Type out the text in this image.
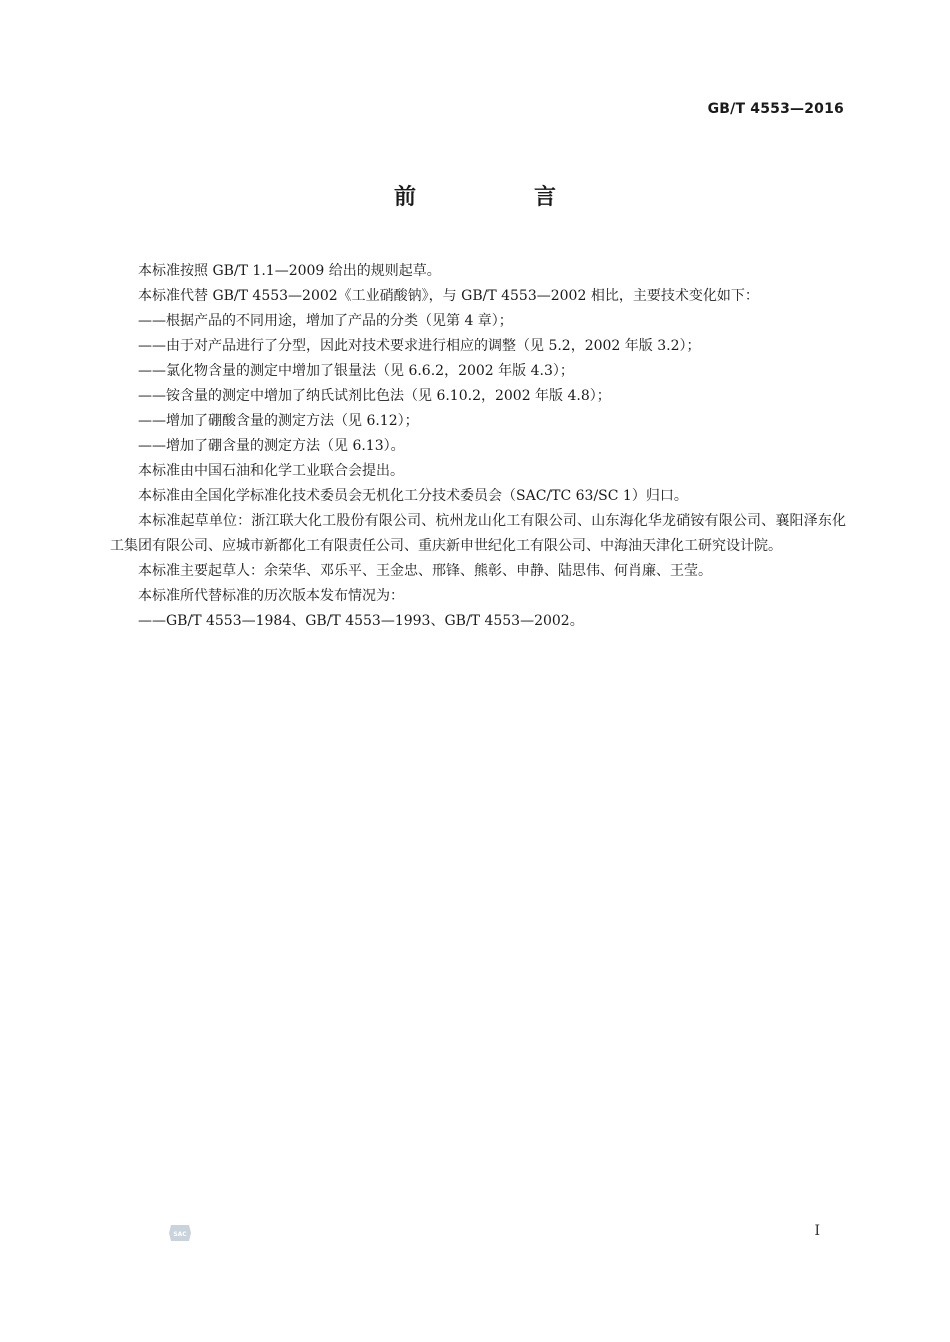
GB/T 4553—2016
前　言

本标准按照 GB/T 1.1—2009 给出的规则起草。

本标准代替 GB/T 4553—2002《工业硝酸钠》，与 GB/T 4553—2002 相比，主要技术变化如下：

——根据产品的不同用途，增加了产品的分类（见第 4 章）；

——由于对产品进行了分型，因此对技术要求进行相应的调整（见 5.2，2002 年版 3.2）；

——氯化物含量的测定中增加了银量法（见 6.6.2，2002 年版 4.3）；

——铵含量的测定中增加了纳氏试剂比色法（见 6.10.2，2002 年版 4.8）；

——增加了硼酸含量的测定方法（见 6.12）；

——增加了硼含量的测定方法（见 6.13）。

本标准由中国石油和化学工业联合会提出。

本标准由全国化学标准化技术委员会无机化工分技术委员会（SAC/TC 63/SC 1）归口。

本标准起草单位：浙江联大化工股份有限公司、杭州龙山化工有限公司、山东海化华龙硝铵有限公司、襄阳泽东化工集团有限公司、应城市新都化工有限责任公司、重庆新申世纪化工有限公司、中海油天津化工研究设计院。

本标准主要起草人：余荣华、邓乐平、王金忠、邢锋、熊彰、申静、陆思伟、何肖廉、王莹。

本标准所代替标准的历次版本发布情况为：

——GB/T 4553—1984、GB/T 4553—1993、GB/T 4553—2002。

SAC	I
